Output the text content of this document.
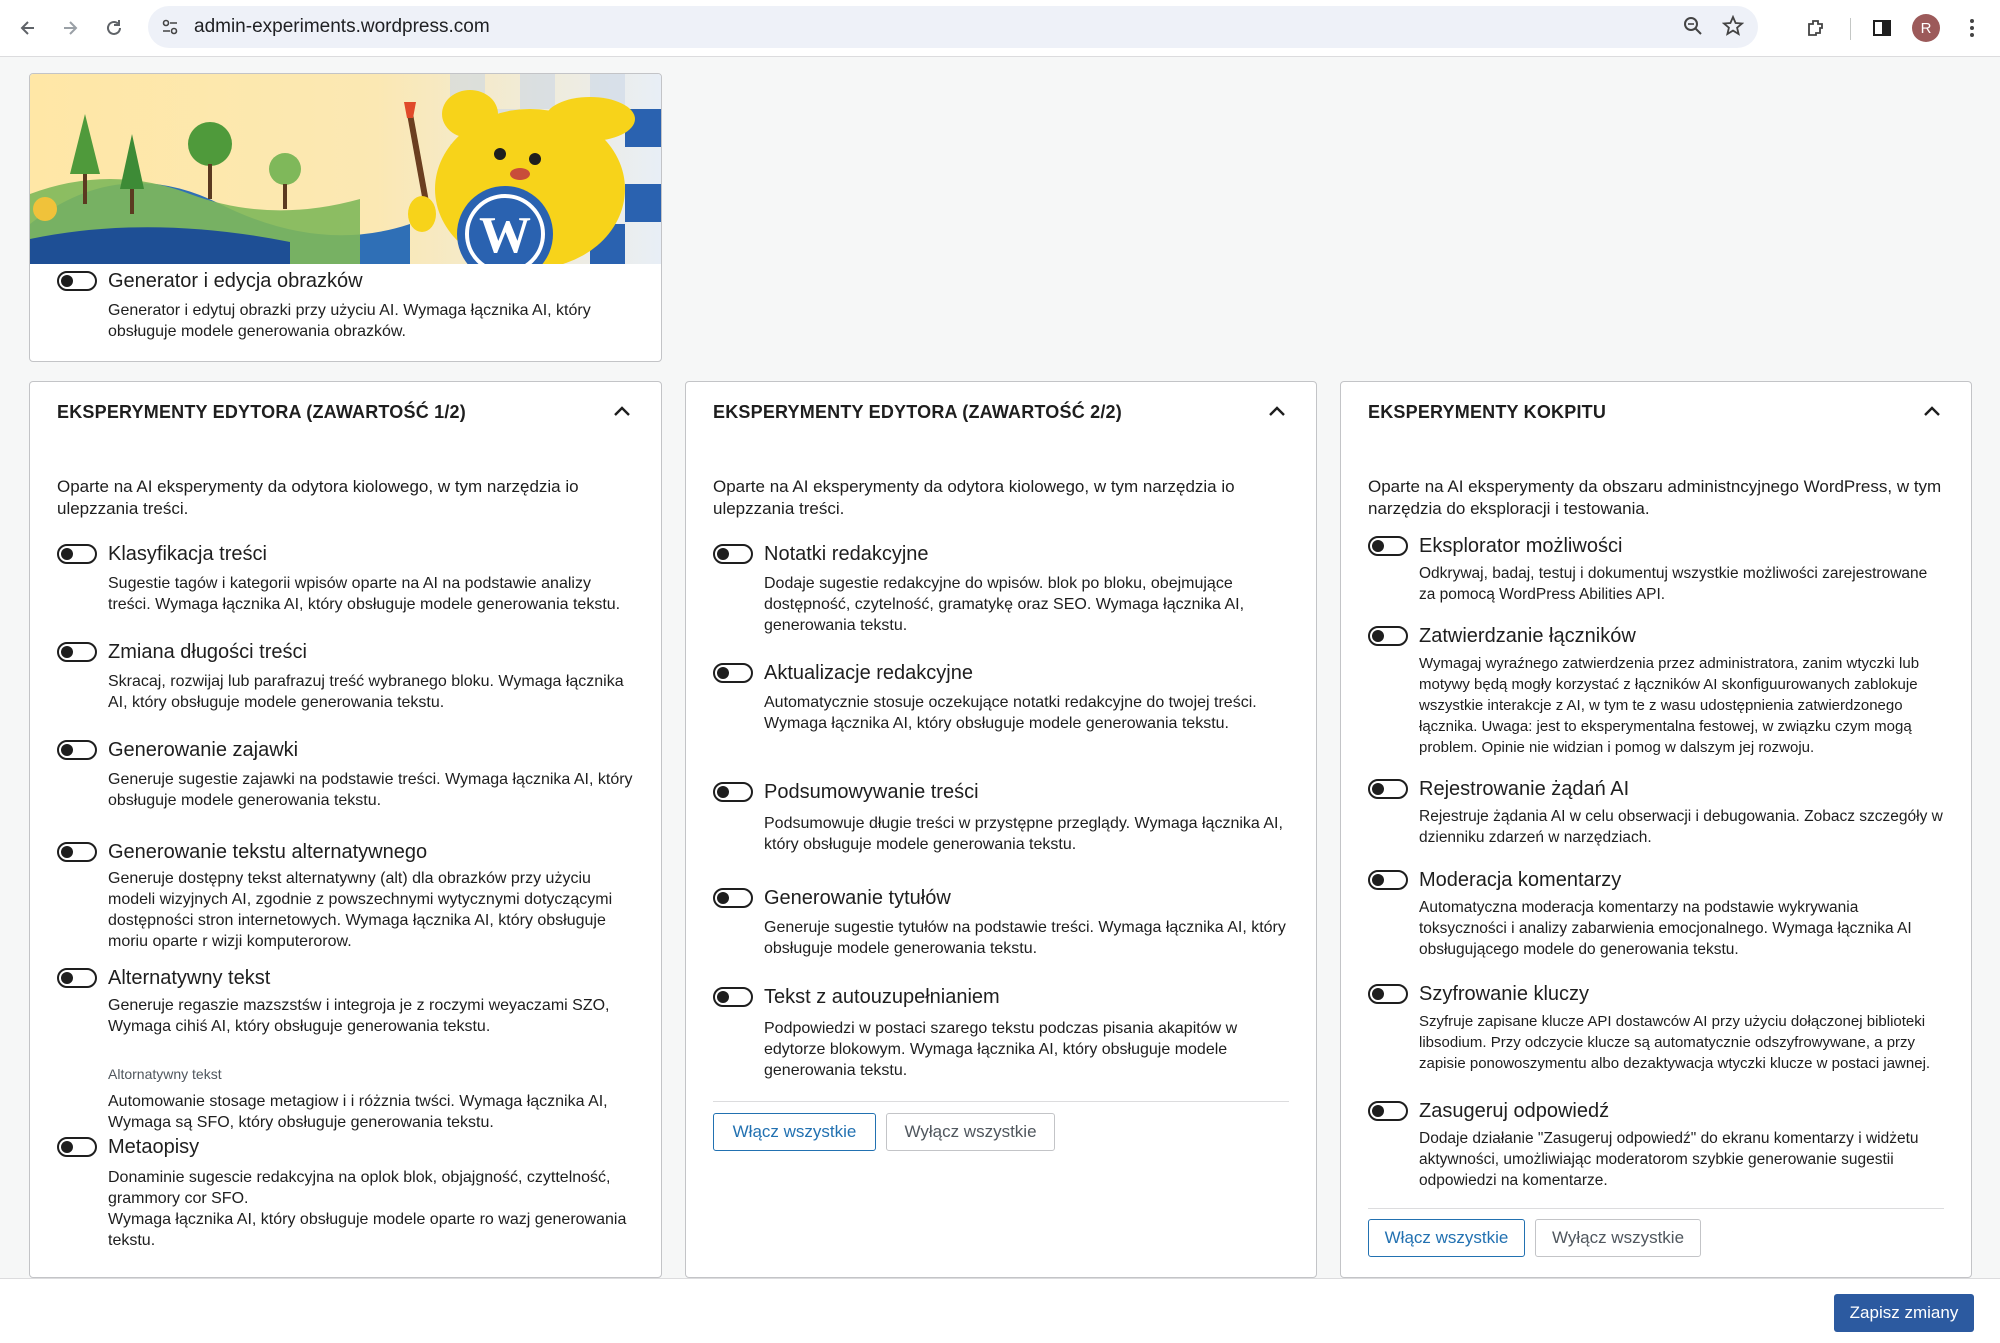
admin-experiments.wordpress.com	R
W
Generator i edycja obrazków
Generator i edytuj obrazki przy użyciu AI. Wymaga łącznika AI, który obsługuje modele generowania obrazków.
EKSPERYMENTY EDYTORA (ZAWARTOŚĆ 1/2)
Oparte na AI eksperymenty da odytora kiolowego, w tym narzędzia io ulepzzania treści.
Klasyfikacja treści
Sugestie tagów i kategorii wpisów oparte na AI na podstawie analizy treści. Wymaga łącznika AI, który obsługuje modele generowania tekstu.
Zmiana długości treści
Skracaj, rozwijaj lub parafrazuj treść wybranego bloku. Wymaga łącznika AI, który obsługuje modele generowania tekstu.
Generowanie zajawki
Generuje sugestie zajawki na podstawie treści. Wymaga łącznika AI, który obsługuje modele generowania tekstu.
Generowanie tekstu alternatywnego
Generuje dostępny tekst alternatywny (alt) dla obrazków przy użyciu modeli wizyjnych AI, zgodnie z powszechnymi wytycznymi dotyczącymi dostępności stron internetowych. Wymaga łącznika AI, który obsługuje moriu oparte r wizji komputerorow.
Alternatywny tekst
Generuje regaszie mazszstśw i integroja je z roczymi weyaczami SZO, Wymaga cihiś AI, który obsługuje generowania tekstu.
Altornatywny tekst
Automowanie stosage metagiow i i różznia twści. Wymaga łącznika AI, Wymaga są SFO, który obsługuje generowania tekstu.
Metaopisy
Donaminie sugescie redakcyjna na oplok blok, objajgność, czyttelność, grammory cor SFO.
Wymaga łącznika AI, który obsługuje modele oparte ro wazj generowania tekstu.
EKSPERYMENTY EDYTORA (ZAWARTOŚĆ 2/2)
Oparte na AI eksperymenty da odytora kiolowego, w tym narzędzia io ulepzzania treści.
Notatki redakcyjne
Dodaje sugestie redakcyjne do wpisów. blok po bloku, obejmujące dostępność, czytelność, gramatykę oraz SEO. Wymaga łącznika AI, generowania tekstu.
Aktualizacje redakcyjne
Automatycznie stosuje oczekujące notatki redakcyjne do twojej treści. Wymaga łącznika AI, który obsługuje modele generowania tekstu.
Podsumowywanie treści
Podsumowuje długie treści w przystępne przeglądy. Wymaga łącznika AI, który obsługuje modele generowania tekstu.
Generowanie tytułów
Generuje sugestie tytułów na podstawie treści. Wymaga łącznika AI, który obsługuje modele generowania tekstu.
Tekst z autouzupełnianiem
Podpowiedzi w postaci szarego tekstu podczas pisania akapitów w edytorze blokowym. Wymaga łącznika AI, który obsługuje modele generowania tekstu.
Włącz wszystkie	Wyłącz wszystkie
EKSPERYMENTY KOKPITU
Oparte na AI eksperymenty da obszaru administncyjnego WordPress, w tym narzędzia do eksploracji i testowania.
Eksplorator możliwości
Odkrywaj, badaj, testuj i dokumentuj wszystkie możliwości zarejestrowane za pomocą WordPress Abilities API.
Zatwierdzanie łączników
Wymagaj wyraźnego zatwierdzenia przez administratora, zanim wtyczki lub motywy będą mogły korzystać z łączników AI skonfiguurowanych zablokuje wszystkie interakcje z AI, w tym te z wasu udostępnienia zatwierdzonego łącznika. Uwaga: jest to eksperymentalna festowej, w związku czym mogą problem. Opinie nie widzian i pomog w dalszym jej rozwoju.
Rejestrowanie żądań AI
Rejestruje żądania AI w celu obserwacji i debugowania. Zobacz szczegóły w dzienniku zdarzeń w narzędziach.
Moderacja komentarzy
Automatyczna moderacja komentarzy na podstawie wykrywania toksyczności i analizy zabarwienia emocjonalnego. Wymaga łącznika AI obsługującego modele do generowania tekstu.
Szyfrowanie kluczy
Szyfruje zapisane klucze API dostawców AI przy użyciu dołączonej biblioteki libsodium. Przy odczycie klucze są automatycznie odszyfrowywane, a przy zapisie ponowoszymentu albo dezaktywacja wtyczki klucze w postaci jawnej.
Zasugeruj odpowiedź
Dodaje działanie "Zasugeruj odpowiedź" do ekranu komentarzy i widżetu aktywności, umożliwiając moderatorom szybkie generowanie sugestii odpowiedzi na komentarze.
Włącz wszystkie	Wyłącz wszystkie
Zapisz zmiany
